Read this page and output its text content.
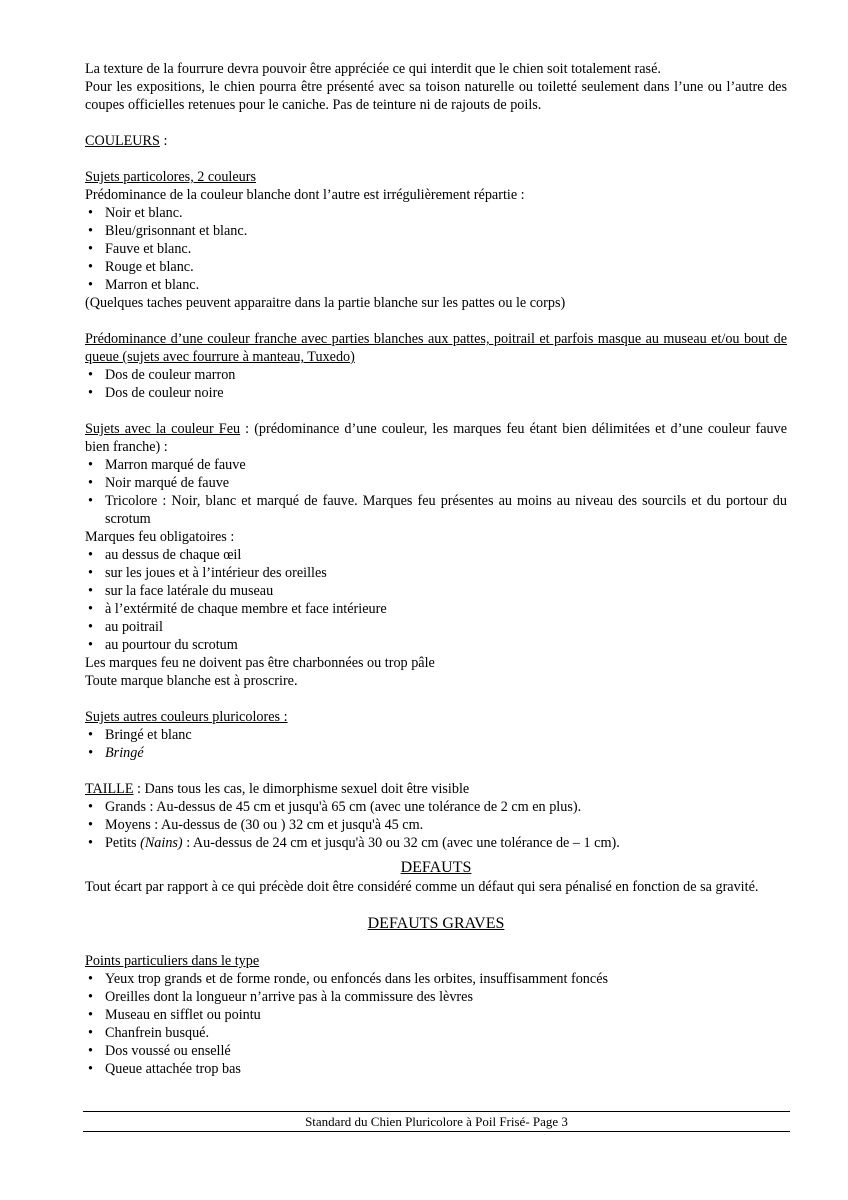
La texture de la fourrure devra pouvoir être appréciée ce qui interdit que le chien soit totalement rasé.

Pour les expositions, le chien pourra être présenté avec sa toison naturelle ou toiletté seulement dans l’une ou l’autre des coupes officielles retenues pour le caniche. Pas de teinture ni de rajouts de poils.

COULEURS :

Sujets particolores, 2 couleurs

Prédominance de la couleur blanche dont l’autre est irrégulièrement répartie :

• Noir et blanc.
• Bleu/grisonnant et blanc.
• Fauve et blanc.
• Rouge et blanc.
• Marron et blanc.

(Quelques taches peuvent apparaitre dans la partie blanche sur les pattes ou le corps)

Prédominance d’une couleur franche avec parties blanches aux pattes, poitrail et parfois masque au museau et/ou bout de queue (sujets avec fourrure à manteau, Tuxedo)

• Dos de couleur marron
• Dos de couleur noire

Sujets avec la couleur Feu : (prédominance d’une couleur, les marques feu étant bien délimitées et d’une couleur fauve bien franche) :

• Marron marqué de fauve
• Noir marqué de fauve
• Tricolore : Noir, blanc et marqué de fauve. Marques feu présentes au moins au niveau des sourcils et du portour du scrotum

Marques feu obligatoires :

• au dessus de chaque œil
• sur les joues et à l’intérieur des oreilles
• sur la face latérale du museau
• à l’extérmité de chaque membre et face intérieure
• au poitrail
• au pourtour du scrotum

Les marques feu ne doivent pas être charbonnées ou trop pâle

Toute marque blanche est à proscrire.

Sujets autres couleurs pluricolores :

• Bringé et blanc
• Bringé

TAILLE : Dans tous les cas, le dimorphisme sexuel doit être visible

• Grands : Au-dessus de 45 cm et jusqu'à 65 cm (avec une tolérance de 2 cm en plus).
• Moyens : Au-dessus de (30 ou ) 32 cm et jusqu'à 45 cm.
• Petits (Nains) : Au-dessus de 24 cm et jusqu'à 30 ou 32 cm (avec une tolérance de – 1 cm).
DEFAUTS

Tout écart par rapport à ce qui précède doit être considéré comme un défaut qui sera pénalisé en fonction de sa gravité.

DEFAUTS GRAVES

Points particuliers dans le type

• Yeux trop grands et de forme ronde, ou enfoncés dans les orbites, insuffisamment foncés
• Oreilles dont la longueur n’arrive pas à la commissure des lèvres
• Museau en sifflet ou pointu
• Chanfrein busqué.
• Dos voussé ou ensellé
• Queue attachée trop bas
Standard du Chien Pluricolore à Poil Frisé- Page 3
